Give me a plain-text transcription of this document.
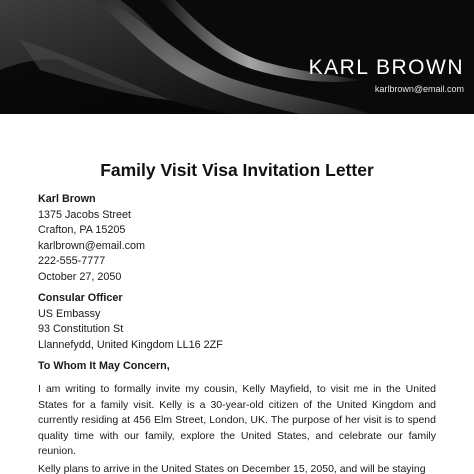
KARL BROWN
karlbrown@email.com
Family Visit Visa Invitation Letter
Karl Brown
1375 Jacobs Street
Crafton, PA 15205
karlbrown@email.com
222-555-7777
October 27, 2050
Consular Officer
US Embassy
93 Constitution St
Llannefydd, United Kingdom LL16 2ZF
To Whom It May Concern,
I am writing to formally invite my cousin, Kelly Mayfield, to visit me in the United States for a family visit. Kelly is a 30-year-old citizen of the United Kingdom and currently residing at 456 Elm Street, London, UK. The purpose of her visit is to spend quality time with our family, explore the United States, and celebrate our family reunion.
Kelly plans to arrive in the United States on December 15, 2050, and will be staying
